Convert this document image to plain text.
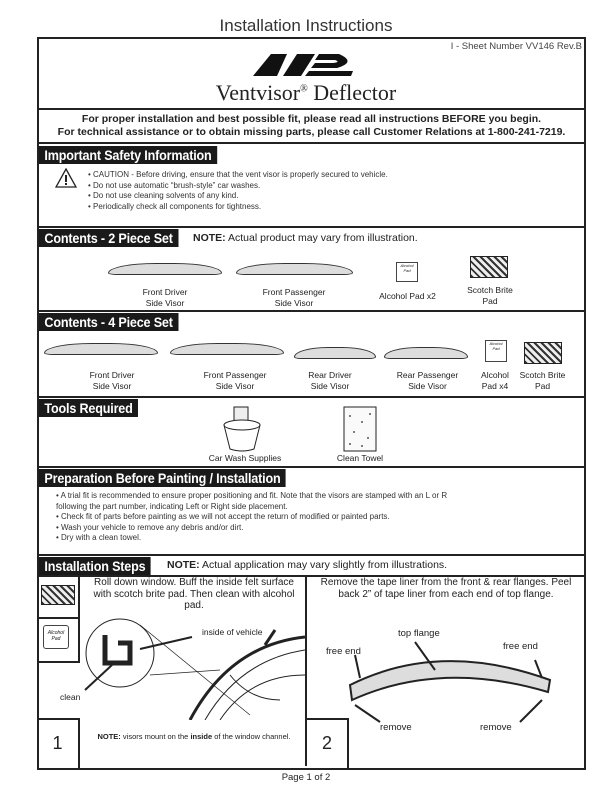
Installation Instructions
I - Sheet Number VV146 Rev.B
Ventvisor® Deflector
For proper installation and best possible fit, please read all instructions BEFORE you begin.
For technical assistance or to obtain missing parts, please call Customer Relations at 1-800-241-7219.
Important Safety Information
• CAUTION - Before driving, ensure that the vent visor is properly secured to vehicle.
• Do not use automatic “brush-style” car washes.
• Do not use cleaning solvents of any kind.
• Periodically check all components for tightness.
Contents - 2 Piece Set	NOTE: Actual product may vary from illustration.
Alcohol Pad
Front Driver
Side Visor
Front Passenger
Side Visor
Alcohol Pad x2
Scotch Brite
Pad
Contents - 4 Piece Set
Alcohol Pad
Front Driver
Side Visor
Front Passenger
Side Visor
Rear Driver
Side Visor
Rear Passenger
Side Visor
Alcohol
Pad x4
Scotch Brite
Pad
Tools Required
Car Wash Supplies	Clean Towel
Preparation Before Painting / Installation
• A trial fit is recommended to ensure proper positioning and fit. Note that the visors are stamped with an L or R following the part number, indicating Left or Right side placement.
• Check fit of parts before painting as we will not accept the return of modified or painted parts.
• Wash your vehicle to remove any debris and/or dirt.
• Dry with a clean towel.
Installation Steps	NOTE: Actual application may vary slightly from illustrations.
Alcohol Pad
Roll down window. Buff the inside felt surface with scotch brite pad. Then clean with alcohol pad.
inside of vehicle
clean
1	NOTE: visors mount on the inside of the window channel.
Remove the tape liner from the front & rear flanges. Peel back 2” of tape liner from each end of top flange.
top flange
free end	free end
remove	remove
2
Page 1 of 2
